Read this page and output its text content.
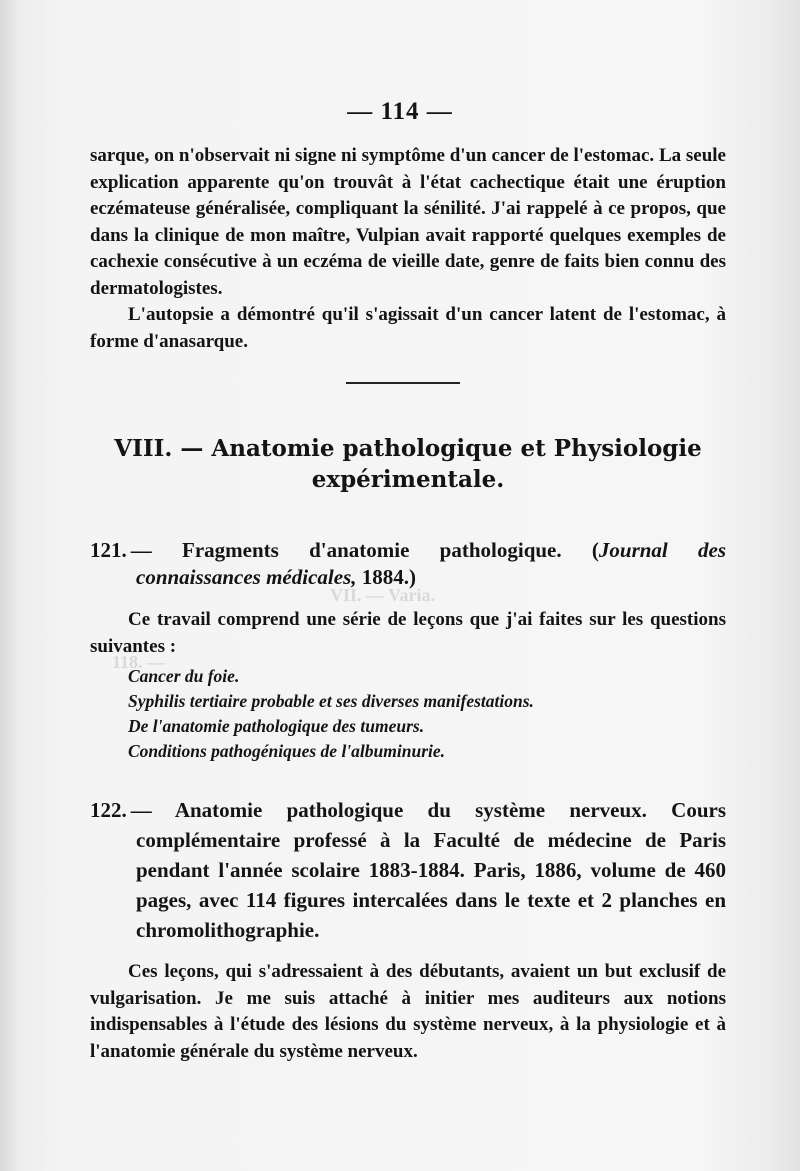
VII. — Varia.
118. —
— 114 —

sarque, on n'observait ni signe ni symptôme d'un cancer de l'estomac. La seule explication apparente qu'on trouvât à l'état cachectique était une éruption eczémateuse généralisée, compliquant la sénilité. J'ai rappelé à ce propos, que dans la clinique de mon maître, Vulpian avait rapporté quelques exemples de cachexie consécutive à un eczéma de vieille date, genre de faits bien connu des dermatologistes.

L'autopsie a démontré qu'il s'agissait d'un cancer latent de l'estomac, à forme d'anasarque.

VIII. — Anatomie pathologique et Physiologie
expérimentale.

121. — Fragments d'anatomie pathologique. (Journal des connaissances médicales, 1884.)

Ce travail comprend une série de leçons que j'ai faites sur les questions suivantes :

Cancer du foie.

Syphilis tertiaire probable et ses diverses manifestations.

De l'anatomie pathologique des tumeurs.

Conditions pathogéniques de l'albuminurie.

122. — Anatomie pathologique du système nerveux. Cours complémentaire professé à la Faculté de médecine de Paris pendant l'année scolaire 1883-1884. Paris, 1886, volume de 460 pages, avec 114 figures intercalées dans le texte et 2 planches en chromolithographie.

Ces leçons, qui s'adressaient à des débutants, avaient un but exclusif de vulgarisation. Je me suis attaché à initier mes auditeurs aux notions indispensables à l'étude des lésions du système nerveux, à la physiologie et à l'anatomie générale du système nerveux.
